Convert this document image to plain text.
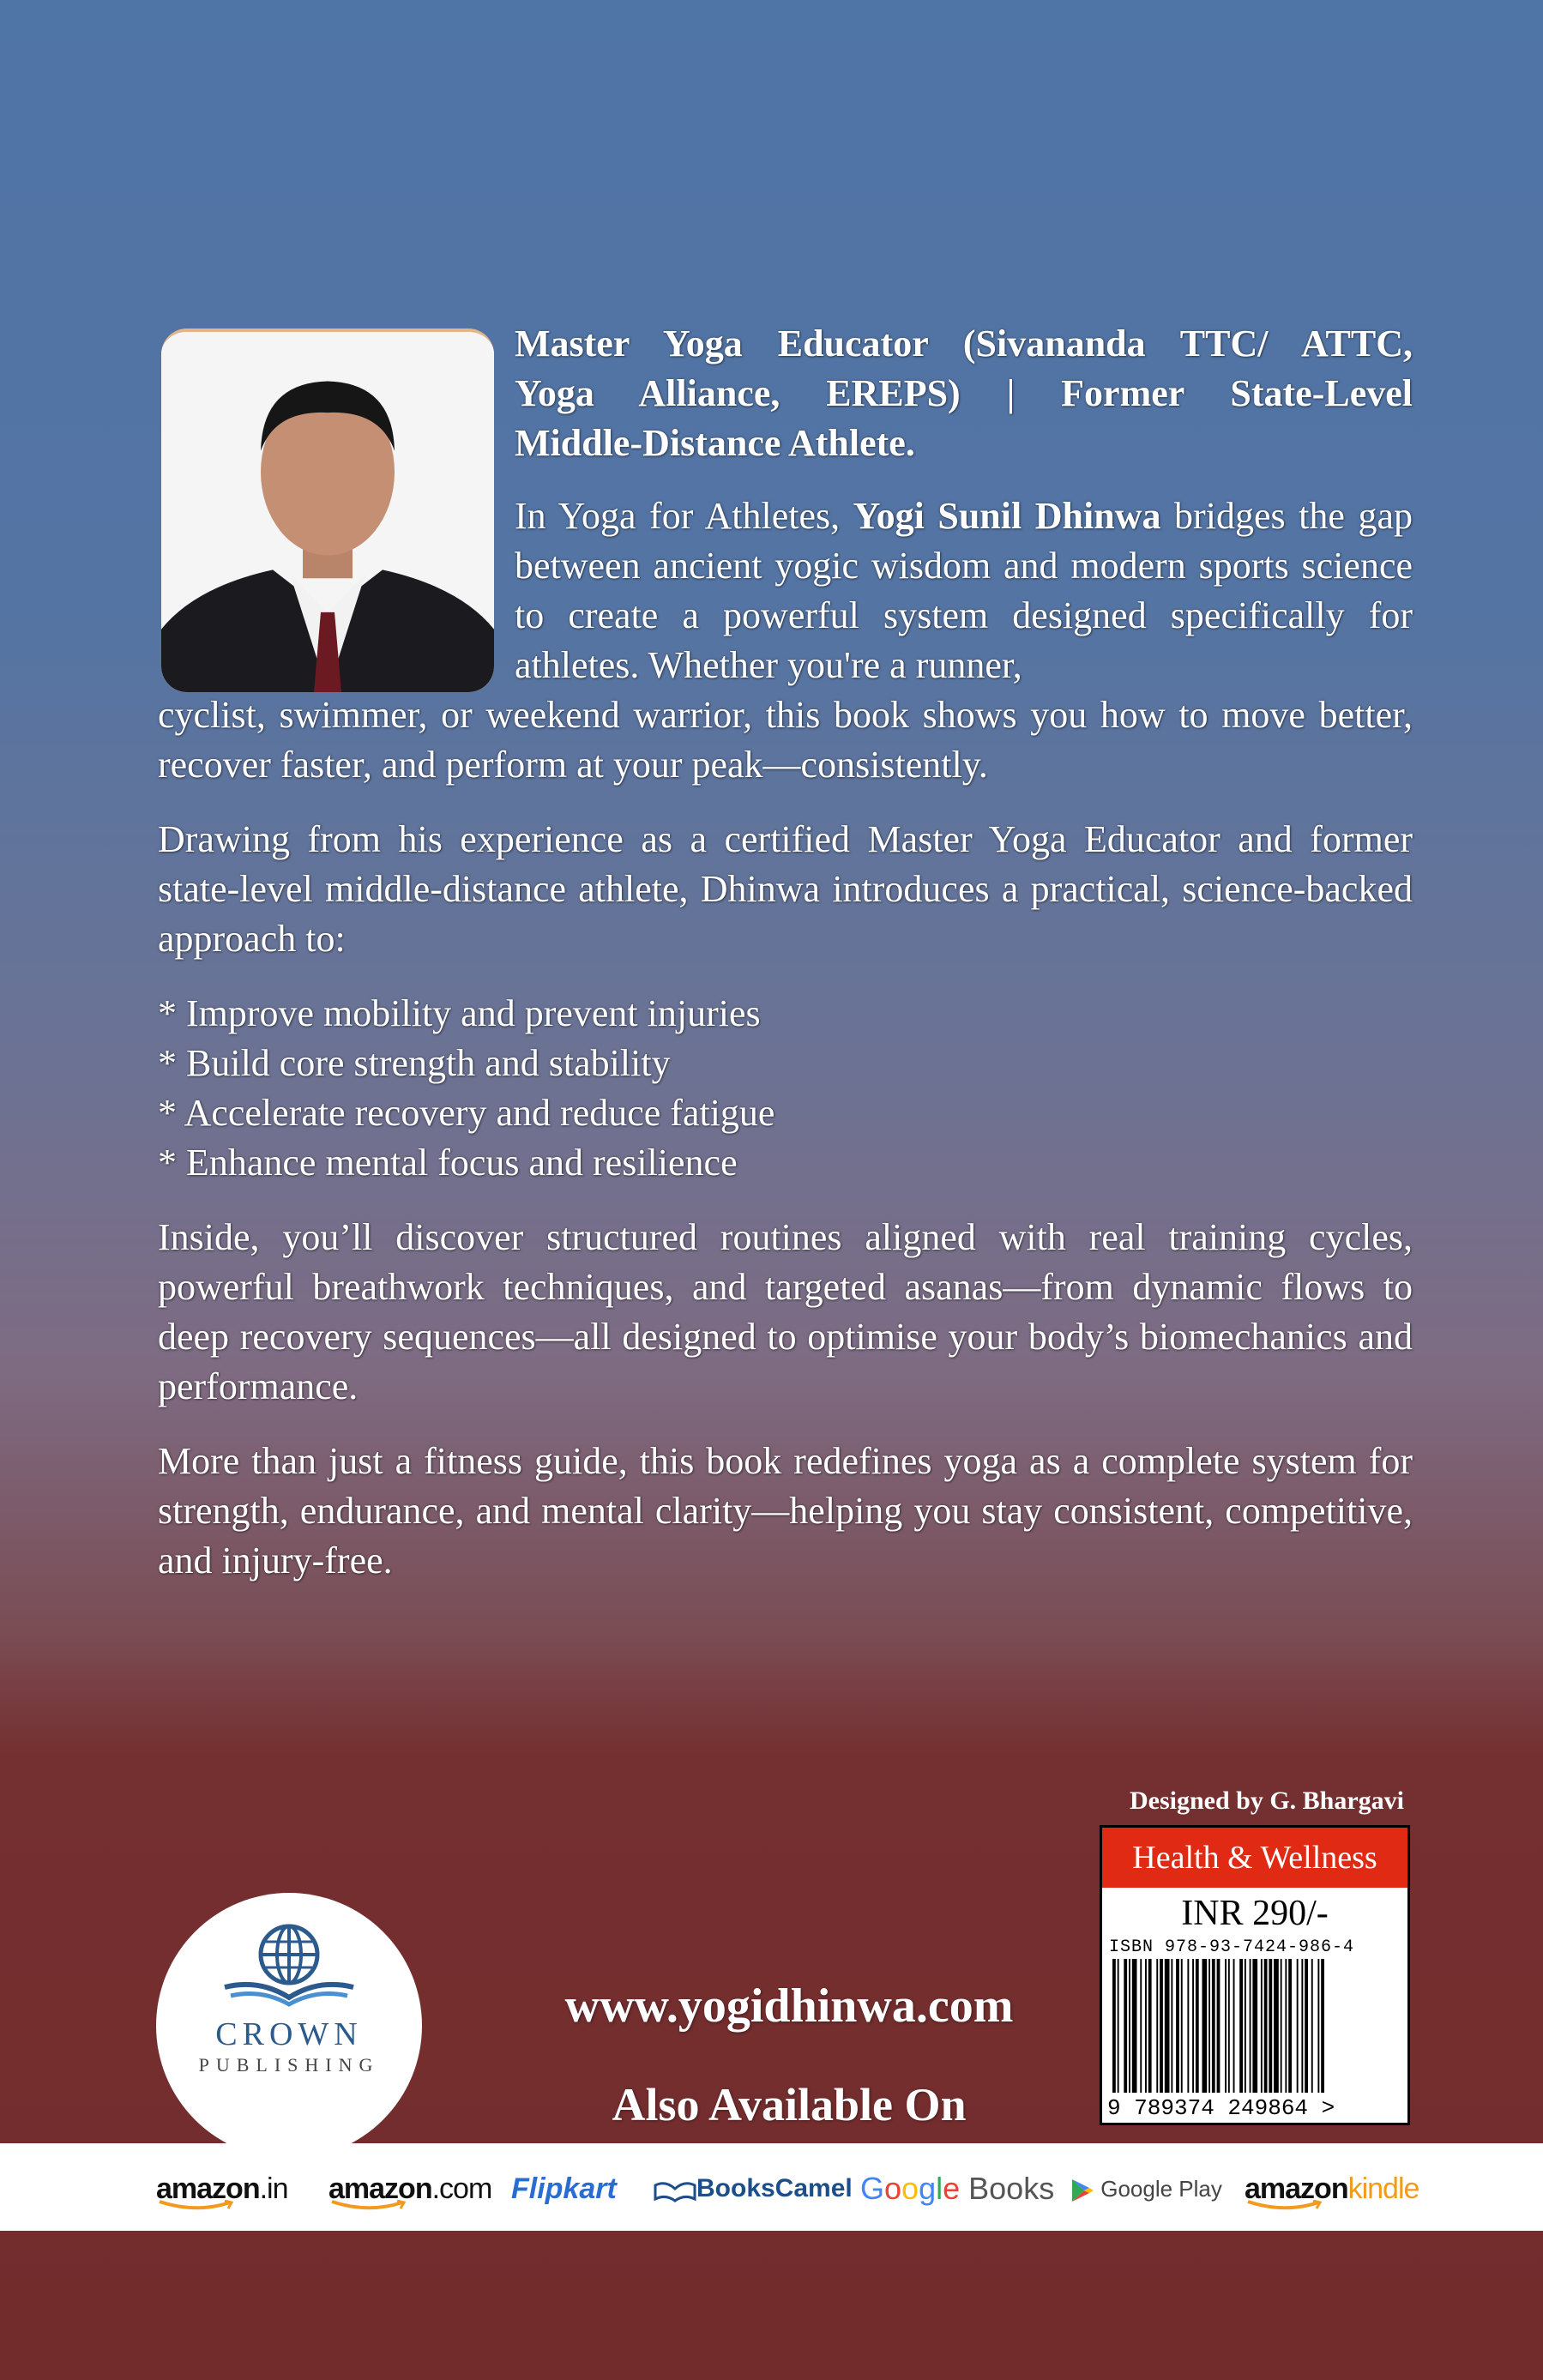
Master Yoga Educator (Sivananda TTC/ ATTC,
Yoga Alliance, EREPS) | Former State-Level
Middle-Distance Athlete.
In Yoga for Athletes, Yogi Sunil Dhinwa bridges the gap between ancient yogic wisdom and modern sports science to create a powerful system designed specifically for athletes. Whether you're a runner,
cyclist, swimmer, or weekend warrior, this book shows you how to move better, recover faster, and perform at your peak—consistently.
Drawing from his experience as a certified Master Yoga Educator and former state-level middle-distance athlete, Dhinwa introduces a practical, science-backed approach to:
* Improve mobility and prevent injuries
* Build core strength and stability
* Accelerate recovery and reduce fatigue
* Enhance mental focus and resilience
Inside, you’ll discover structured routines aligned with real training cycles, powerful breathwork techniques, and targeted asanas—from dynamic flows to deep recovery sequences—all designed to optimise your body’s biomechanics and performance.
More than just a fitness guide, this book redefines yoga as a complete system for strength, endurance, and mental clarity—helping you stay consistent, competitive, and injury-free.
CROWN
PUBLISHING
www.yogidhinwa.com
Also Available On
Designed by G. Bhargavi
Health & Wellness
INR 290/-
ISBN 978-93-7424-986-4
9 789374 249864 >
amazon.in amazon.com Flipkart	BooksCamel Google Books	Google Play amazonkindle
